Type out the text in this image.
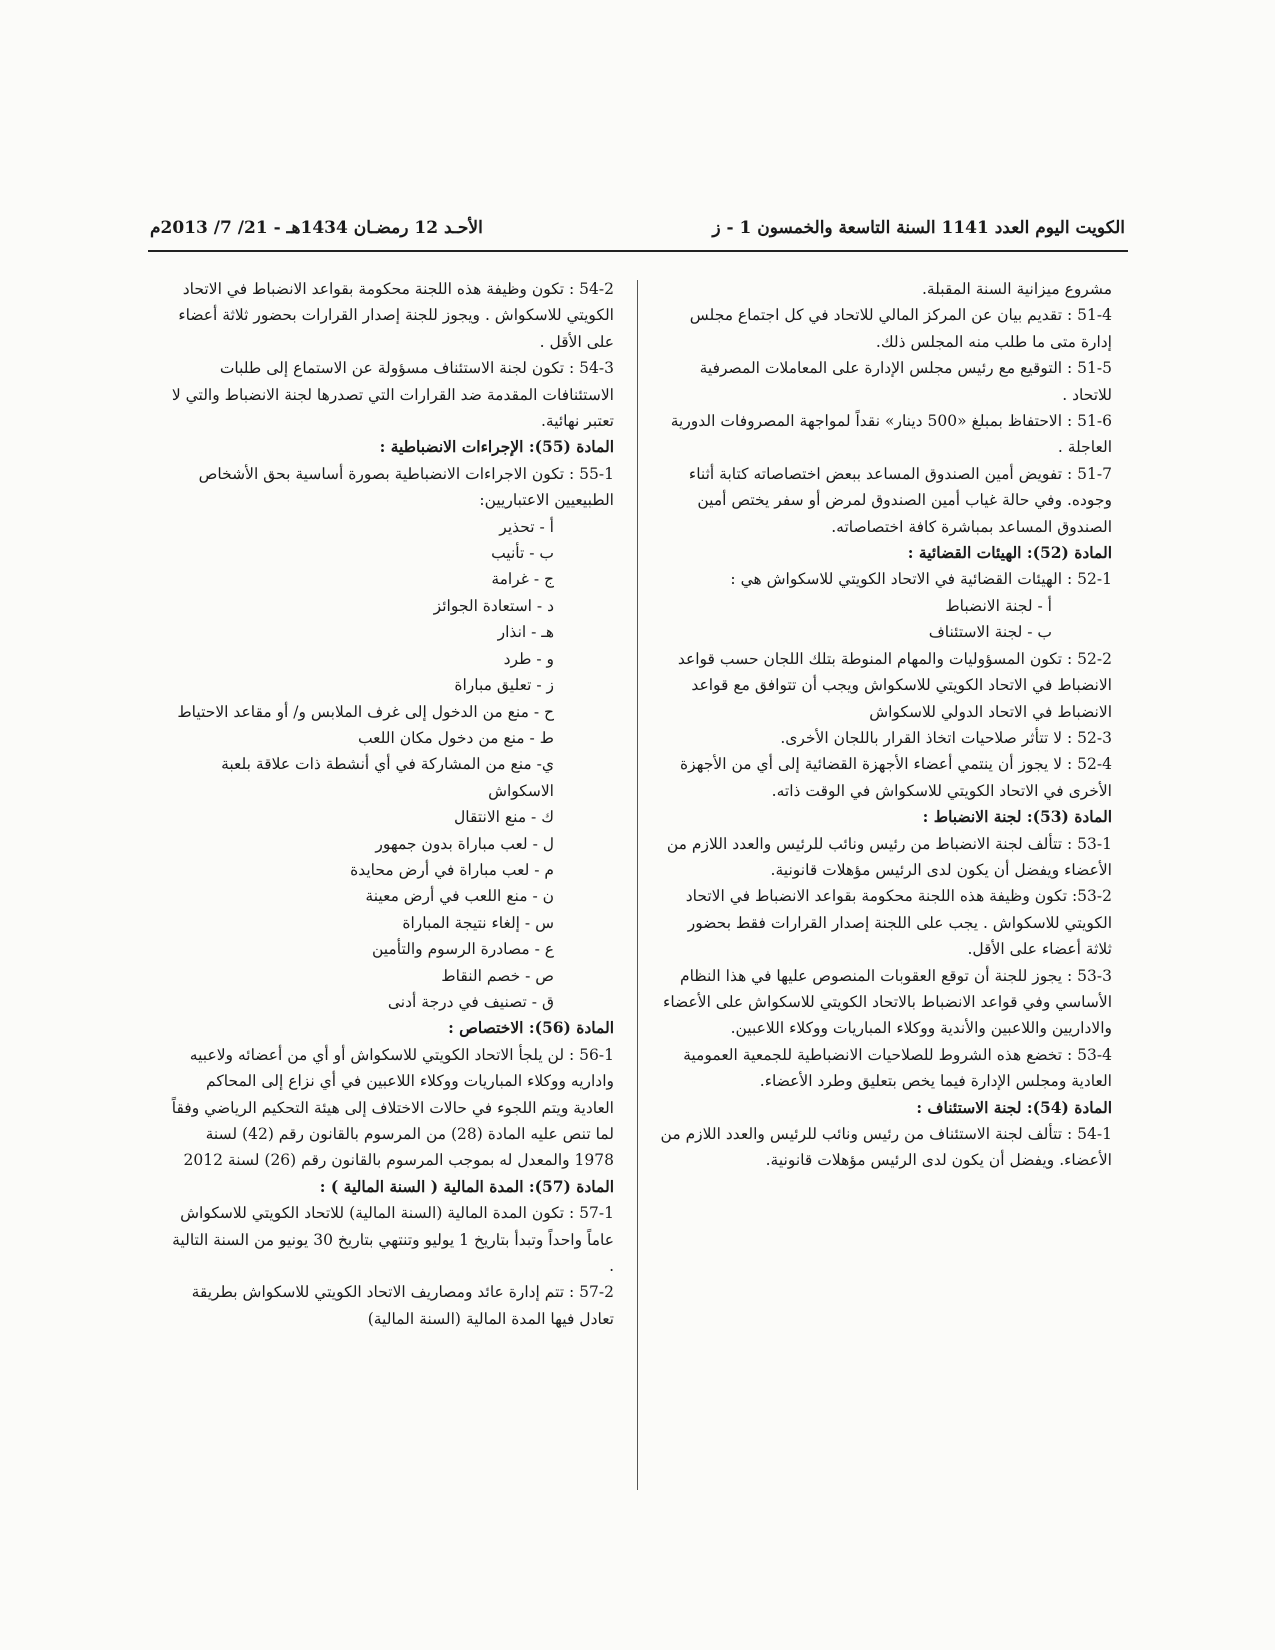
الكويت اليوم العدد 1141 السنة التاسعة والخمسون 1 - ز
الأحـد 12 رمضـان 1434هـ - 21/ 7/ 2013م

مشروع ميزانية السنة المقبلة.

51-4 : تقديم بيان عن المركز المالي للاتحاد في كل اجتماع مجلس إدارة متى ما طلب منه المجلس ذلك.

51-5 : التوقيع مع رئيس مجلس الإدارة على المعاملات المصرفية للاتحاد .

51-6 : الاحتفاظ بمبلغ «500 دينار» نقداً لمواجهة المصروفات الدورية العاجلة .

51-7 : تفويض أمين الصندوق المساعد ببعض اختصاصاته كتابة أثناء وجوده. وفي حالة غياب أمين الصندوق لمرض أو سفر يختص أمين الصندوق المساعد بمباشرة كافة اختصاصاته.

المادة (52): الهيئات القضائية :

52-1 : الهيئات القضائية في الاتحاد الكويتي للاسكواش هي :

أ - لجنة الانضباط

ب - لجنة الاستئناف

52-2 : تكون المسؤوليات والمهام المنوطة بتلك اللجان حسب قواعد الانضباط في الاتحاد الكويتي للاسكواش ويجب أن تتوافق مع قواعد الانضباط في الاتحاد الدولي للاسكواش

52-3 : لا تتأثر صلاحيات اتخاذ القرار باللجان الأخرى.

52-4 : لا يجوز أن ينتمي أعضاء الأجهزة القضائية إلى أي من الأجهزة الأخرى في الاتحاد الكويتي للاسكواش في الوقت ذاته.

المادة (53): لجنة الانضباط :

53-1 : تتألف لجنة الانضباط من رئيس ونائب للرئيس والعدد اللازم من الأعضاء ويفضل أن يكون لدى الرئيس مؤهلات قانونية.

53-2: تكون وظيفة هذه اللجنة محكومة بقواعد الانضباط في الاتحاد الكويتي للاسكواش . يجب على اللجنة إصدار القرارات فقط بحضور ثلاثة أعضاء على الأقل.

53-3 : يجوز للجنة أن توقع العقوبات المنصوص عليها في هذا النظام الأساسي وفي قواعد الانضباط بالاتحاد الكويتي للاسكواش على الأعضاء والاداريين واللاعبين والأندية ووكلاء المباريات ووكلاء اللاعبين.

53-4 : تخضع هذه الشروط للصلاحيات الانضباطية للجمعية العمومية العادية ومجلس الإدارة فيما يخص بتعليق وطرد الأعضاء.

المادة (54): لجنة الاستئناف :

54-1 : تتألف لجنة الاستئناف من رئيس ونائب للرئيس والعدد اللازم من الأعضاء. ويفضل أن يكون لدى الرئيس مؤهلات قانونية.

54-2 : تكون وظيفة هذه اللجنة محكومة بقواعد الانضباط في الاتحاد الكويتي للاسكواش . ويجوز للجنة إصدار القرارات بحضور ثلاثة أعضاء على الأقل .

54-3 : تكون لجنة الاستئناف مسؤولة عن الاستماع إلى طلبات الاستئنافات المقدمة ضد القرارات التي تصدرها لجنة الانضباط والتي لا تعتبر نهائية.

المادة (55): الإجراءات الانضباطية :

55-1 : تكون الاجراءات الانضباطية بصورة أساسية بحق الأشخاص الطبيعيين الاعتباريين:

أ - تحذير

ب - تأنيب

ج - غرامة

د - استعادة الجوائز

هـ - انذار

و - طرد

ز - تعليق مباراة

ح - منع من الدخول إلى غرف الملابس و/ أو مقاعد الاحتياط

ط - منع من دخول مكان اللعب

ي- منع من المشاركة في أي أنشطة ذات علاقة بلعبة الاسكواش

ك - منع الانتقال

ل - لعب مباراة بدون جمهور

م - لعب مباراة في أرض محايدة

ن - منع اللعب في أرض معينة

س - إلغاء نتيجة المباراة

ع - مصادرة الرسوم والتأمين

ص - خصم النقاط

ق - تصنيف في درجة أدنى

المادة (56): الاختصاص :

56-1 : لن يلجأ الاتحاد الكويتي للاسكواش أو أي من أعضائه ولاعبيه واداريه ووكلاء المباريات ووكلاء اللاعبين في أي نزاع إلى المحاكم العادية ويتم اللجوء في حالات الاختلاف إلى هيئة التحكيم الرياضي وفقاً لما تنص عليه المادة (28) من المرسوم بالقانون رقم (42) لسنة 1978 والمعدل له بموجب المرسوم بالقانون رقم (26) لسنة 2012

المادة (57): المدة المالية ( السنة المالية ) :

57-1 : تكون المدة المالية (السنة المالية) للاتحاد الكويتي للاسكواش عاماً واحداً وتبدأ بتاريخ 1 يوليو وتنتهي بتاريخ 30 يونيو من السنة التالية .

57-2 : تتم إدارة عائد ومصاريف الاتحاد الكويتي للاسكواش بطريقة تعادل فيها المدة المالية (السنة المالية)
